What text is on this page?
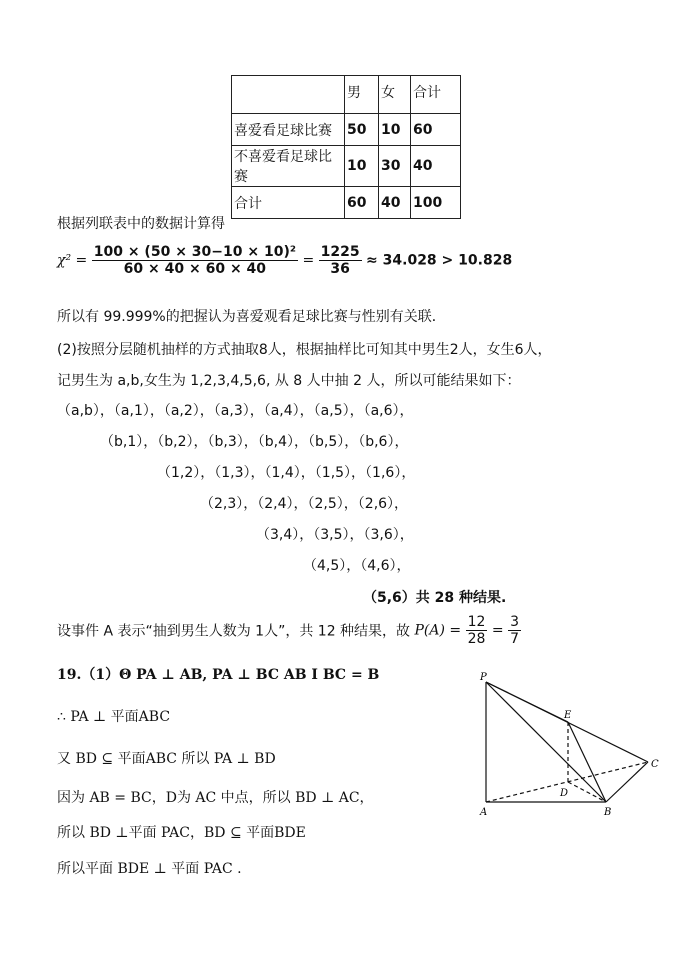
	男	女	合计
喜爱看足球比赛	50	10	60
不喜爱看足球比赛	10	30	40
合计	60	40	100
根据列联表中的数据计算得
$\chi^2 = \frac{\text{100 × (50 × 30−10 × 10)²}}{60 \times 40 \times 60 \times 40} = \frac{1225}{36} \approx 34.028 > 10.828$
所以有 99.999%的把握认为喜爱观看足球比赛与性别有关联．
(2)按照分层随机抽样的方式抽取8人，根据抽样比可知其中男生2人，女生6人，
记男生为 a,b,女生为 1,2,3,4,5,6, 从 8 人中抽 2 人，所以可能结果如下：
（a,b），（a,1），（a,2），（a,3），（a,4），（a,5），（a,6），
（b,1），（b,2），（b,3），（b,4），（b,5），（b,6），
（1,2），（1,3），（1,4），（1,5），（1,6），
（2,3），（2,4），（2,5），（2,6），
（3,4），（3,5），（3,6），
（4,5），（4,6），
（5,6）共 28 种结果.
设事件 A 表示“抽到男生人数为 1人”，共 12 种结果，故 $P(A) = \frac{12}{28} = \frac{3}{7}$
19.（1）Θ PA ⊥ AB, PA ⊥ BC AB I BC = B
∴ PA ⊥ 平面ABC
又 BD ⊆ 平面ABC 所以 PA ⊥ BD
因为 AB = BC，D为 AC 中点，所以 BD ⊥ AC，
所以 BD ⊥平面 PAC，BD ⊆ 平面BDE
所以平面 BDE ⊥ 平面 PAC .
P
E
C
D
A	B
